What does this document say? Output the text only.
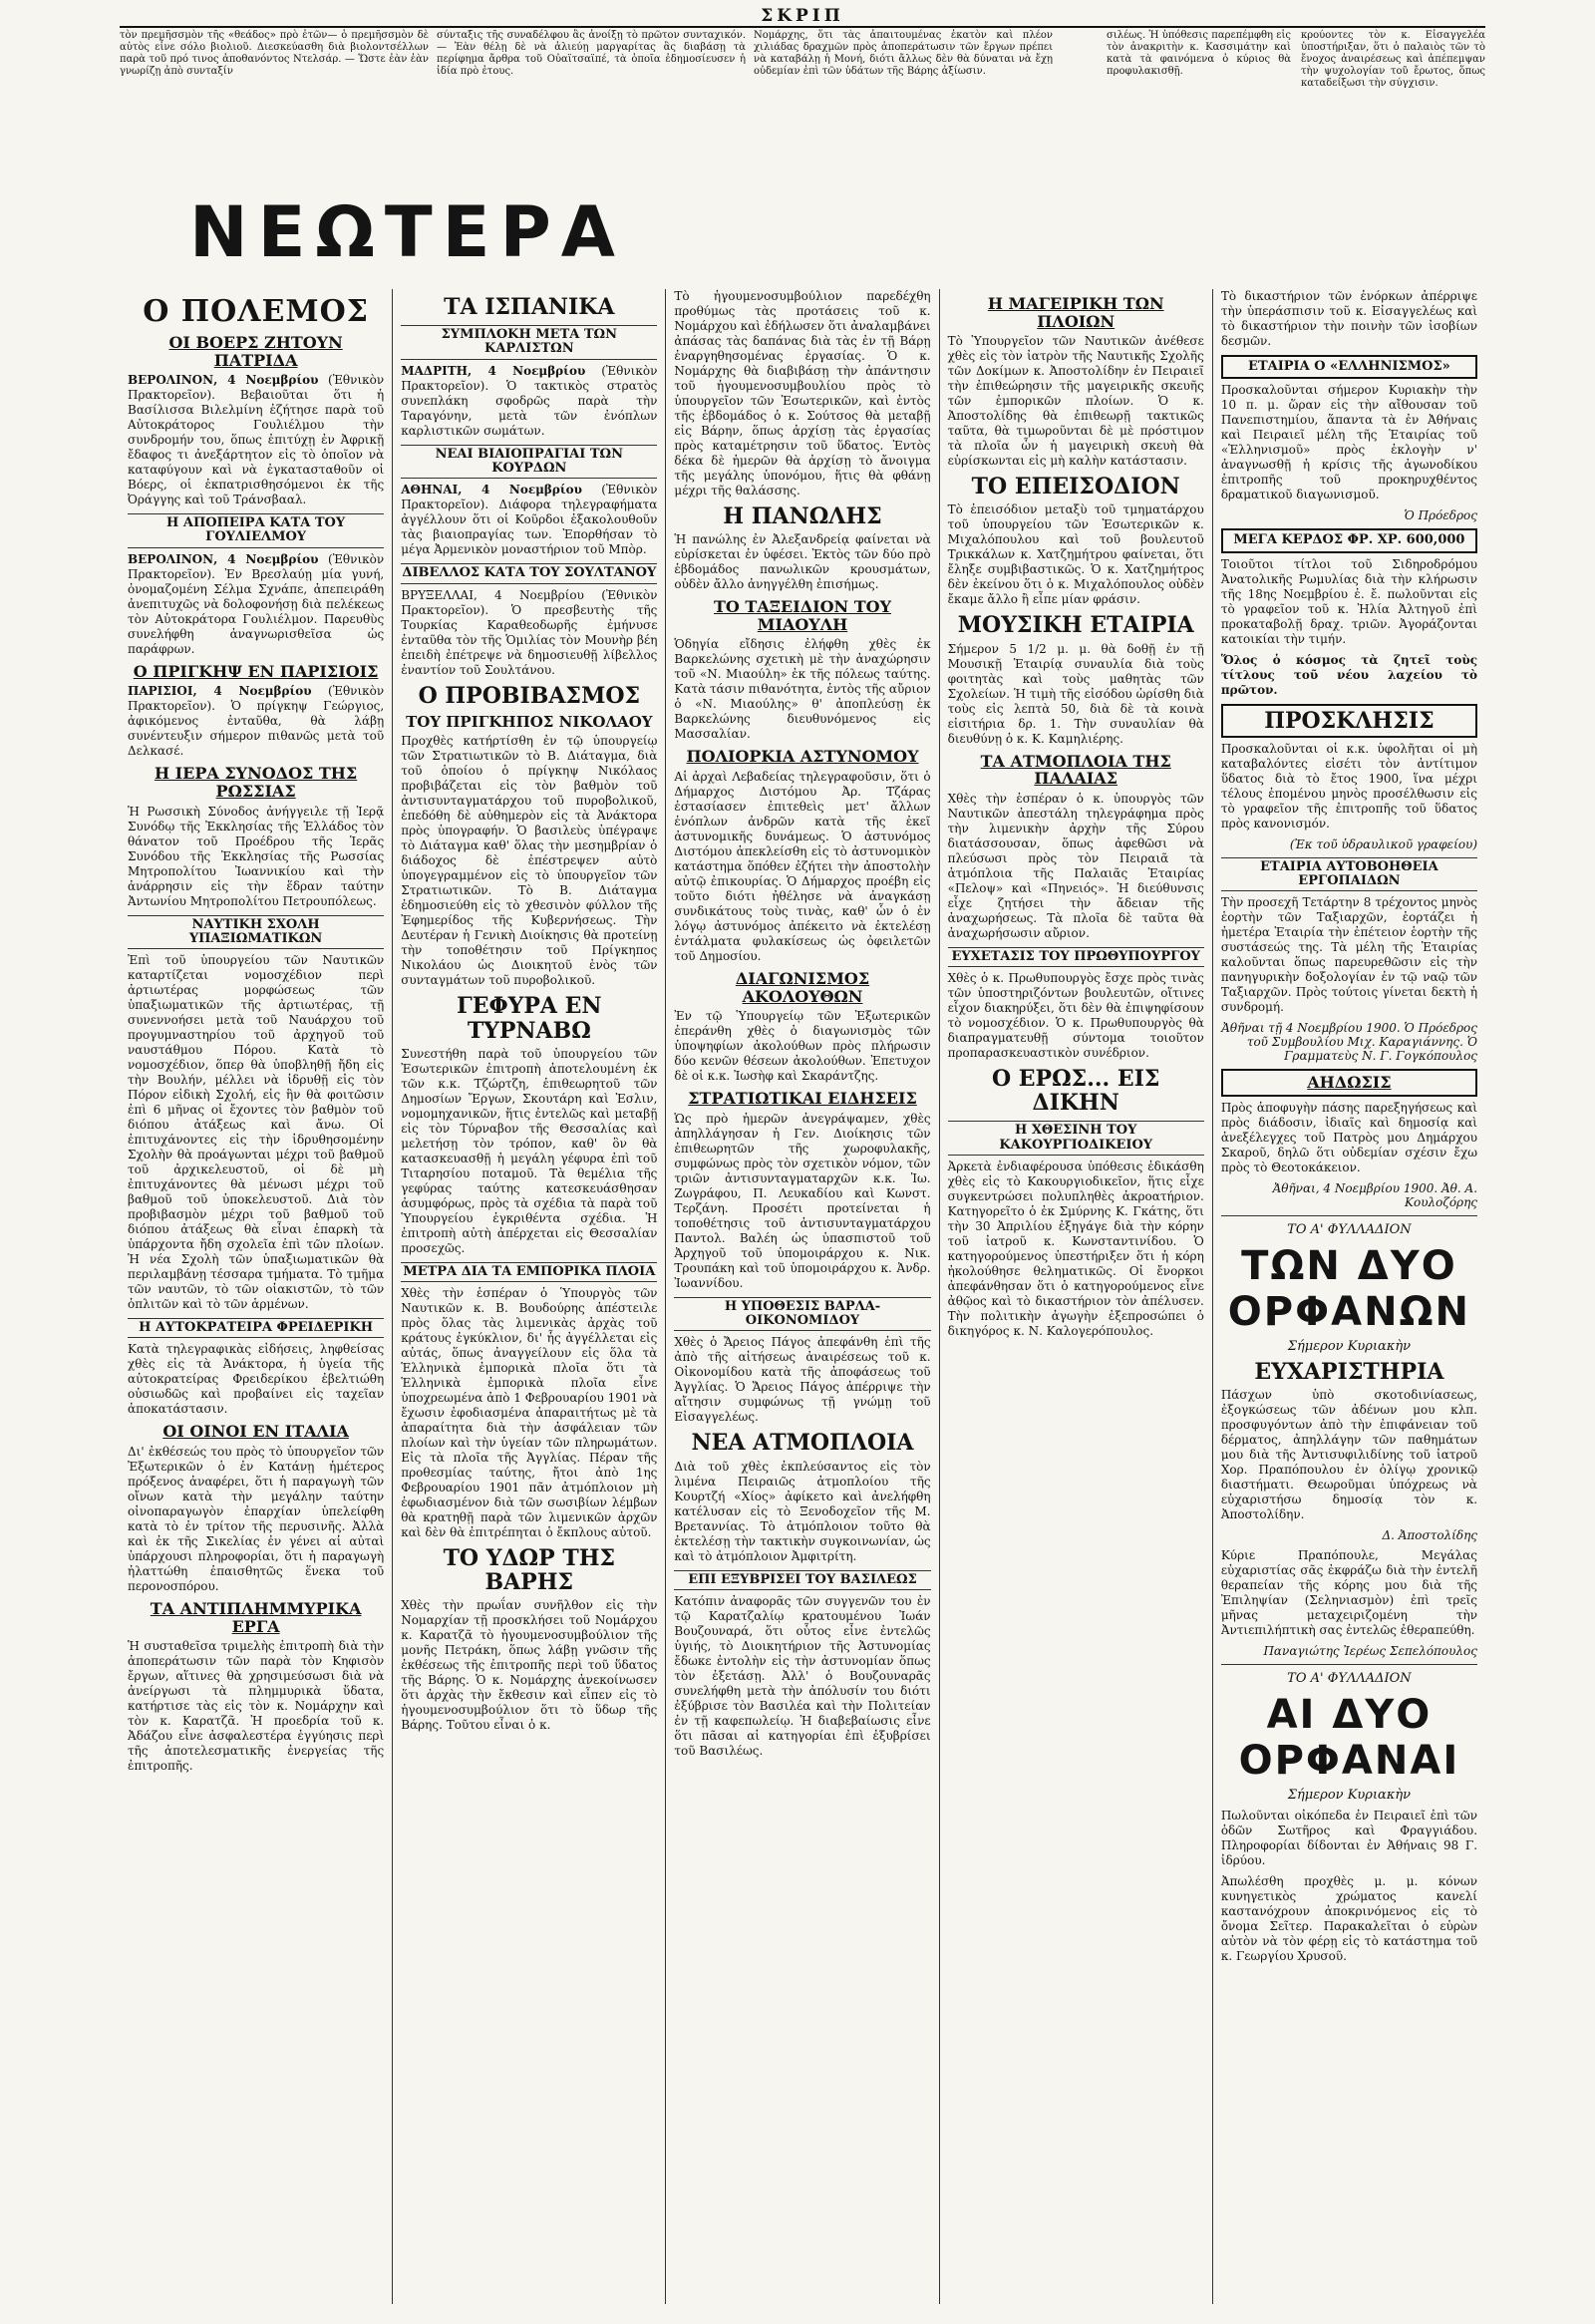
ΣΚΡΙΠ
τὸν πρεμῆσσμὸν τῆς «θεάδος» πρὸ ἐτῶν— ὁ πρεμῆσσμὸν δὲ αὐτὸς εἶνε σόλο βιολιοῦ. Διεσκεύασθη διὰ βιολοντσέλλων παρὰ τοῦ πρό τινος ἀποθανόντος Ντελσάρ. — Ὥστε ἐὰν ἐὰν γνωρίζῃ ἀπὸ συνταξίν
σύνταξις τῆς συναδέλφου ἂς ἀνοίξῃ τὸ πρῶτον συνταχικόν. — Ἐὰν θέλῃ δὲ νὰ ἀλιεύῃ μαργαρίτας ἂς διαβάσῃ τὰ περίφημα ἄρθρα τοῦ Οὐαϊτσαϊπέ, τὰ ὁποῖα ἐδημοσίευσεν ἡ ἰδία πρὸ ἐτους.
Νομάρχης, ὅτι τὰς ἀπαιτουμένας ἑκατὸν καὶ πλέον χιλιάδας δραχμῶν πρὸς ἀποπεράτωσιν τῶν ἔργων πρέπει νὰ καταβάλῃ ἡ Μονή, διότι ἄλλως δὲν θὰ δύναται νὰ ἔχῃ οὐδεμίαν ἐπὶ τῶν ὑδάτων τῆς Βάρης ἀξίωσιν.
σιλέως. Ἡ ὑπόθεσις παρεπέμφθη εἰς τὸν ἀνακριτὴν κ. Κασσιμάτην καὶ κατὰ τὰ φαινόμενα ὁ κύριος θὰ προφυλακισθῇ.
κρούοντες τὸν κ. Εἰσαγγελέα ὑποστήριξαν, ὅτι ὁ παλαιὸς τῶν τὸ ἔνοχος ἀναιρέσεως καὶ ἀπέπεμψαν τὴν ψυχολογίαν τοῦ ἔρωτος, ὅπως καταδείξωσι τὴν σύγχισιν.
ΝΕΩΤΕΡΑ
Ο ΠΟΛΕΜΟΣ
ΟΙ ΒΟΕΡΣ ΖΗΤΟΥΝ ΠΑΤΡΙΔΑ

ΒΕΡΟΛΙΝΟΝ, 4 Νοεμβρίου (Ἐθνικὸν Πρακτορεῖον). Βεβαιοῦται ὅτι ἡ Βασίλισσα Βιλελμίνη ἐζήτησε παρὰ τοῦ Αὐτοκράτορος Γουλιέλμου τὴν συνδρομήν του, ὅπως ἐπιτύχῃ ἐν Ἀφρικῇ ἔδαφος τι ἀνεξάρτητον εἰς τὸ ὁποῖον νὰ καταφύγουν καὶ νὰ ἐγκατασταθοῦν οἱ Βόερς, οἱ ἐκπατρισθησόμενοι ἐκ τῆς Ὀράγγης καὶ τοῦ Τράνσβααλ.

Η ΑΠΟΠΕΙΡΑ ΚΑΤΑ ΤΟΥ ΓΟΥΛΙΕΛΜΟΥ

ΒΕΡΟΛΙΝΟΝ, 4 Νοεμβρίου (Ἐθνικὸν Πρακτορεῖον). Ἐν Βρεσλαύῃ μία γυνή, ὀνομαζομένη Σέλμα Σχνάπε, ἀπεπειράθη ἀνεπιτυχῶς νὰ δολοφονήσῃ διὰ πελέκεως τὸν Αὐτοκράτορα Γουλιέλμον. Παρευθὺς συνελήφθη ἀναγνωρισθεῖσα ὡς παράφρων.

Ο ΠΡΙΓΚΗΨ ΕΝ ΠΑΡΙΣΙΟΙΣ

ΠΑΡΙΣΙΟΙ, 4 Νοεμβρίου (Ἐθνικὸν Πρακτορεῖον). Ὁ πρίγκηψ Γεώργιος, ἀφικόμενος ἐνταῦθα, θὰ λάβῃ συνέντευξιν σήμερον πιθανῶς μετὰ τοῦ Δελκασέ.

Η ΙΕΡΑ ΣΥΝΟΔΟΣ ΤΗΣ ΡΩΣΣΙΑΣ

Ἡ Ρωσσικὴ Σύνοδος ἀνήγγειλε τῇ Ἱερᾷ Συνόδῳ τῆς Ἐκκλησίας τῆς Ἑλλάδος τὸν θάνατον τοῦ Προέδρου τῆς Ἱερᾶς Συνόδου τῆς Ἐκκλησίας τῆς Ρωσσίας Μητροπολίτου Ἰωαννικίου καὶ τὴν ἀνάρρησιν εἰς τὴν ἕδραν ταύτην Ἀντωνίου Μητροπολίτου Πετρουπόλεως.

ΝΑΥΤΙΚΗ ΣΧΟΛΗ ΥΠΑΞΙΩΜΑΤΙΚΩΝ

Ἐπὶ τοῦ ὑπουργείου τῶν Ναυτικῶν καταρτίζεται νομοσχέδιον περὶ ἀρτιωτέρας μορφώσεως τῶν ὑπαξιωματικῶν τῆς ἀρτιωτέρας, τῇ συνεννοήσει μετὰ τοῦ Ναυάρχου τοῦ προγυμναστηρίου τοῦ ἀρχηγοῦ τοῦ ναυστάθμου Πόρου. Κατὰ τὸ νομοσχέδιον, ὅπερ θὰ ὑποβληθῇ ἤδη εἰς τὴν Βουλήν, μέλλει νὰ ἱδρυθῇ εἰς τὸν Πόρον εἰδικὴ Σχολή, εἰς ἣν θὰ φοιτῶσιν ἐπὶ 6 μῆνας οἱ ἔχοντες τὸν βαθμὸν τοῦ διόπου ἀτάξεως καὶ ἄνω. Οἱ ἐπιτυχάνοντες εἰς τὴν ἱδρυθησομένην Σχολὴν θὰ προάγωνται μέχρι τοῦ βαθμοῦ τοῦ ἀρχικελευστοῦ, οἱ δὲ μὴ ἐπιτυχάνοντες θὰ μένωσι μέχρι τοῦ βαθμοῦ τοῦ ὑποκελευστοῦ. Διὰ τὸν προβιβασμὸν μέχρι τοῦ βαθμοῦ τοῦ διόπου ἀτάξεως θὰ εἶναι ἐπαρκὴ τὰ ὑπάρχοντα ἤδη σχολεῖα ἐπὶ τῶν πλοίων. Ἡ νέα Σχολὴ τῶν ὑπαξιωματικῶν θὰ περιλαμβάνῃ τέσσαρα τμήματα. Τὸ τμῆμα τῶν ναυτῶν, τὸ τῶν οἰακιστῶν, τὸ τῶν ὁπλιτῶν καὶ τὸ τῶν ἁρμένων.

Η ΑΥΤΟΚΡΑΤΕΙΡΑ ΦΡΕΙΔΕΡΙΚΗ

Κατὰ τηλεγραφικὰς εἰδήσεις, ληφθείσας χθὲς εἰς τὰ Ἀνάκτορα, ἡ ὑγεία τῆς αὐτοκρατείρας Φρειδερίκου ἐβελτιώθη οὐσιωδῶς καὶ προβαίνει εἰς ταχεῖαν ἀποκατάστασιν.

ΟΙ ΟΙΝΟΙ ΕΝ ΙΤΑΛΙΑ

Δι' ἐκθέσεώς του πρὸς τὸ ὑπουργεῖον τῶν Ἐξωτερικῶν ὁ ἐν Κατάνῃ ἡμέτερος πρόξενος ἀναφέρει, ὅτι ἡ παραγωγὴ τῶν οἴνων κατὰ τὴν μεγάλην ταύτην οἰνοπαραγωγὸν ἐπαρχίαν ὑπελείφθη κατὰ τὸ ἐν τρίτον τῆς περυσινῆς. Ἀλλὰ καὶ ἐκ τῆς Σικελίας ἐν γένει αἱ αὐταὶ ὑπάρχουσι πληροφορίαι, ὅτι ἡ παραγωγὴ ἠλαττώθη ἐπαισθητῶς ἕνεκα τοῦ περονοσπόρου.

ΤΑ ΑΝΤΙΠΛΗΜΜΥΡΙΚΑ ΕΡΓΑ

Ἡ συσταθεῖσα τριμελὴς ἐπιτροπὴ διὰ τὴν ἀποπεράτωσιν τῶν παρὰ τὸν Κηφισὸν ἔργων, αἵτινες θὰ χρησιμεύσωσι διὰ νὰ ἀνείργωσι τὰ πλημμυρικὰ ὕδατα, κατήρτισε τὰς εἰς τὸν κ. Νομάρχην καὶ τὸν κ. Καρατζᾶ. Ἡ προεδρία τοῦ κ. Ἀδάζου εἶνε ἀσφαλεστέρα ἐγγύησις περὶ τῆς ἀποτελεσματικῆς ἐνεργείας τῆς ἐπιτροπῆς.

ΤΑ ΙΣΠΑΝΙΚΑ
ΣΥΜΠΛΟΚΗ ΜΕΤΑ ΤΩΝ ΚΑΡΛΙΣΤΩΝ

ΜΑΔΡΙΤΗ, 4 Νοεμβρίου (Ἐθνικὸν Πρακτορεῖον). Ὁ τακτικὸς στρατὸς συνεπλάκη σφοδρῶς παρὰ τὴν Ταραγόνην, μετὰ τῶν ἐνόπλων καρλιστικῶν σωμάτων.

ΝΕΑΙ ΒΙΑΙΟΠΡΑΓΙΑΙ ΤΩΝ ΚΟΥΡΔΩΝ

ΑΘΗΝΑΙ, 4 Νοεμβρίου (Ἐθνικὸν Πρακτορεῖον). Διάφορα τηλεγραφήματα ἀγγέλλουν ὅτι οἱ Κοῦρδοι ἐξακολουθοῦν τὰς βιαιοπραγίας των. Ἐπορθήσαν τὸ μέγα Ἀρμενικὸν μοναστήριον τοῦ Μπὸρ.

ΔΙΒΕΛΛΟΣ ΚΑΤΑ ΤΟΥ ΣΟΥΛΤΑΝΟΥ

ΒΡΥΞΕΛΛΑΙ, 4 Νοεμβρίου (Ἐθνικὸν Πρακτορεῖον). Ὁ πρεσβευτὴς τῆς Τουρκίας Καραθεοδωρῆς ἐμήνυσε ἐνταῦθα τὸν τῆς Ὁμιλίας τὸν Μουνὴρ βέη ἐπειδὴ ἐπέτρεψε νὰ δημοσιευθῇ λίβελλος ἐναντίον τοῦ Σουλτάνου.

Ο ΠΡΟΒΙΒΑΣΜΟΣ
ΤΟΥ ΠΡΙΓΚΗΠΟΣ ΝΙΚΟΛΑΟΥ

Προχθὲς κατήρτίσθη ἐν τῷ ὑπουργείῳ τῶν Στρατιωτικῶν τὸ Β. Διάταγμα, διὰ τοῦ ὁποίου ὁ πρίγκηψ Νικόλαος προβιβάζεται εἰς τὸν βαθμὸν τοῦ ἀντισυνταγματάρχου τοῦ πυροβολικοῦ, ἐπεδόθη δὲ αὐθημερὸν εἰς τὰ Ἀνάκτορα πρὸς ὑπογραφήν. Ὁ βασιλεὺς ὑπέγραψε τὸ Διάταγμα καθ' ὅλας τὴν μεσημβρίαν ὁ διάδοχος δὲ ἐπέστρεψεν αὐτὸ ὑπογεγραμμένον εἰς τὸ ὑπουργεῖον τῶν Στρατιωτικῶν. Τὸ Β. Διάταγμα ἐδημοσιεύθη εἰς τὸ χθεσινὸν φύλλον τῆς Ἐφημερίδος τῆς Κυβερνήσεως. Τὴν Δευτέραν ἡ Γενικὴ Διοίκησις θὰ προτείνῃ τὴν τοποθέτησιν τοῦ Πρίγκηπος Νικολάου ὡς Διοικητοῦ ἑνὸς τῶν συνταγμάτων τοῦ πυροβολικοῦ.

ΓΕΦΥΡΑ ΕΝ ΤΥΡΝΑΒΩ

Συνεστήθη παρὰ τοῦ ὑπουργείου τῶν Ἐσωτερικῶν ἐπιτροπὴ ἀποτελουμένη ἐκ τῶν κ.κ. Τζώρτζη, ἐπιθεωρητοῦ τῶν Δημοσίων Ἔργων, Σκουτάρη καὶ Ἐσλιν, νομομηχανικῶν, ἥτις ἐντελῶς καὶ μεταβῇ εἰς τὸν Τύρναβον τῆς Θεσσαλίας καὶ μελετήσῃ τὸν τρόπον, καθ' ὃν θὰ κατασκευασθῇ ἡ μεγάλη γέφυρα ἐπὶ τοῦ Τιταρησίου ποταμοῦ. Τὰ θεμέλια τῆς γεφύρας ταύτης κατεσκευάσθησαν ἀσυμφόρως, πρὸς τὰ σχέδια τὰ παρὰ τοῦ Ὑπουργείου ἐγκριθέντα σχέδια. Ἡ ἐπιτροπὴ αὐτὴ ἀπέρχεται εἰς Θεσσαλίαν προσεχῶς.

ΜΕΤΡΑ ΔΙΑ ΤΑ ΕΜΠΟΡΙΚΑ ΠΛΟΙΑ

Χθὲς τὴν ἑσπέραν ὁ Ὑπουργὸς τῶν Ναυτικῶν κ. Β. Βουδούρης ἀπέστειλε πρὸς ὅλας τὰς λιμενικὰς ἀρχὰς τοῦ κράτους ἐγκύκλιον, δι' ἧς ἀγγέλλεται εἰς αὐτάς, ὅπως ἀναγγείλουν εἰς ὅλα τὰ Ἑλληνικὰ ἐμπορικὰ πλοῖα ὅτι τὰ Ἑλληνικὰ ἐμπορικὰ πλοῖα εἶνε ὑποχρεωμένα ἀπὸ 1 Φεβρουαρίου 1901 νὰ ἔχωσιν ἐφοδιασμένα ἀπαραιτήτως μὲ τὰ ἀπαραίτητα διὰ τὴν ἀσφάλειαν τῶν πλοίων καὶ τὴν ὑγείαν τῶν πληρωμάτων. Εἰς τὰ πλοῖα τῆς Ἀγγλίας. Πέραν τῆς προθεσμίας ταύτης, ἤτοι ἀπὸ 1ης Φεβρουαρίου 1901 πᾶν ἀτμόπλοιον μὴ ἐφωδιασμένον διὰ τῶν σωσιβίων λέμβων θὰ κρατηθῇ παρὰ τῶν λιμενικῶν ἀρχῶν καὶ δὲν θὰ ἐπιτρέπηται ὁ ἔκπλους αὐτοῦ.

ΤΟ ΥΔΩΡ ΤΗΣ ΒΑΡΗΣ

Χθὲς τὴν πρωΐαν συνῆλθον εἰς τὴν Νομαρχίαν τῇ προσκλήσει τοῦ Νομάρχου κ. Καρατζᾶ τὸ ἡγουμενοσυμβούλιον τῆς μονῆς Πετράκη, ὅπως λάβῃ γνῶσιν τῆς ἐκθέσεως τῆς ἐπιτροπῆς περὶ τοῦ ὕδατος τῆς Βάρης. Ὁ κ. Νομάρχης ἀνεκοίνωσεν ὅτι ἀρχὰς τὴν ἔκθεσιν καὶ εἶπεν εἰς τὸ ἡγουμενοσυμβούλιον ὅτι τὸ ὕδωρ τῆς Βάρης. Τοῦτου εἶναι ὁ κ.

Τὸ ἡγουμενοσυμβούλιον παρεδέχθη προθύμως τὰς προτάσεις τοῦ κ. Νομάρχου καὶ ἐδήλωσεν ὅτι ἀναλαμβάνει ἀπάσας τὰς δαπάνας διὰ τὰς ἐν τῇ Βάρῃ ἐναργηθησομένας ἐργασίας. Ὁ κ. Νομάρχης θὰ διαβιβάσῃ τὴν ἀπάντησιν τοῦ ἡγουμενοσυμβουλίου πρὸς τὸ ὑπουργεῖον τῶν Ἐσωτερικῶν, καὶ ἐντὸς τῆς ἑβδομάδος ὁ κ. Σούτσος θὰ μεταβῇ εἰς Βάρην, ὅπως ἀρχίσῃ τὰς ἐργασίας πρὸς καταμέτρησιν τοῦ ὕδατος. Ἐντὸς δέκα δὲ ἡμερῶν θὰ ἀρχίσῃ τὸ ἄνοιγμα τῆς μεγάλης ὑπονόμου, ἥτις θὰ φθάνῃ μέχρι τῆς θαλάσσης.

Η ΠΑΝΩΛΗΣ

Ἡ πανώλης ἐν Ἀλεξανδρείᾳ φαίνεται νὰ εὑρίσκεται ἐν ὑφέσει. Ἐκτὸς τῶν δύο πρὸ ἑβδομάδος πανωλικῶν κρουσμάτων, οὐδὲν ἄλλο ἀνηγγέλθη ἐπισήμως.

ΤΟ ΤΑΞΕΙΔΙΟΝ ΤΟΥ ΜΙΑΟΥΛΗ

Ὁδηγία εἴδησις ἐλήφθη χθὲς ἐκ Βαρκελώνης σχετικὴ μὲ τὴν ἀναχώρησιν τοῦ «Ν. Μιαούλη» ἐκ τῆς πόλεως ταύτης. Κατὰ τάσιν πιθανότητα, ἐντὸς τῆς αὔριον ὁ «Ν. Μιαούλης» θ' ἀποπλεύσῃ ἐκ Βαρκελώνης διευθυνόμενος εἰς Μασσαλίαν.

ΠΟΛΙΟΡΚΙΑ ΑΣΤΥΝΟΜΟΥ

Αἱ ἀρχαὶ Λεβαδείας τηλεγραφοῦσιν, ὅτι ὁ Δήμαρχος Διστόμου Ἀρ. Τζάρας ἐστασίασεν ἐπιτεθεὶς μετ' ἄλλων ἐνόπλων ἀνδρῶν κατὰ τῆς ἐκεῖ ἀστυνομικῆς δυνάμεως. Ὁ ἀστυνόμος Διστόμου ἀπεκλείσθη εἰς τὸ ἀστυνομικὸν κατάστημα ὅπόθεν ἐζήτει τὴν ἀποστολὴν αὐτῷ ἐπικουρίας. Ὁ Δήμαρχος προέβη εἰς τοῦτο διότι ἠθέλησε νὰ ἀναγκάσῃ συνδικάτους τοὺς τινὰς, καθ' ὧν ὁ ἐν λόγῳ ἀστυνόμος ἀπέκειτο νὰ ἐκτελέσῃ ἐντάλματα φυλακίσεως ὡς ὀφειλετῶν τοῦ Δημοσίου.

ΔΙΑΓΩΝΙΣΜΟΣ ΑΚΟΛΟΥΘΩΝ

Ἐν τῷ Ὑπουργείῳ τῶν Ἐξωτερικῶν ἐπεράνθη χθὲς ὁ διαγωνισμὸς τῶν ὑποψηφίων ἀκολούθων πρὸς πλήρωσιν δύο κενῶν θέσεων ἀκολούθων. Ἐπετυχον δὲ οἱ κ.κ. Ἰωσὴφ καὶ Σκαράντζης.

ΣΤΡΑΤΙΩΤΙΚΑΙ ΕΙΔΗΣΕΙΣ

Ὡς πρὸ ἡμερῶν ἀνεγράψαμεν, χθὲς ἀπηλλάγησαν ἡ Γεν. Διοίκησις τῶν ἐπιθεωρητῶν τῆς χωροφυλακῆς, συμφώνως πρὸς τὸν σχετικὸν νόμον, τῶν τριῶν ἀντισυνταγματαρχῶν κ.κ. Ἰω. Ζωγράφου, Π. Λευκαδίου καὶ Κωνστ. Τερζάνη. Προσέτι προτείνεται ἡ τοποθέτησις τοῦ ἀντισυνταγματάρχου Παντολ. Βαλέη ὡς ὑπασπιστοῦ τοῦ Ἀρχηγοῦ τοῦ ὑπομοιράρχου κ. Νικ. Τρουπάκη καὶ τοῦ ὑπομοιράρχου κ. Ἀνδρ. Ἰωαννίδου.

Η ΥΠΟΘΕΣΙΣ ΒΑΡΛΑ-ΟΙΚΟΝΟΜΙΔΟΥ

Χθὲς ὁ Ἄρειος Πάγος ἀπεφάνθη ἐπὶ τῆς ἀπὸ τῆς αἰτήσεως ἀναιρέσεως τοῦ κ. Οἰκονομίδου κατὰ τῆς ἀποφάσεως τοῦ Ἀγγλίας. Ὁ Ἄρειος Πάγος ἀπέρριψε τὴν αἴτησιν συμφώνως τῇ γνώμῃ τοῦ Εἰσαγγελέως.

ΝΕΑ ΑΤΜΟΠΛΟΙΑ

Διὰ τοῦ χθὲς ἐκπλεύσαντος εἰς τὸν λιμένα Πειραιῶς ἀτμοπλοίου τῆς Κουρτζή «Χίος» ἀφίκετο καὶ ἀνελήφθη κατέλυσαν εἰς τὸ Ξενοδοχεῖον τῆς Μ. Βρεταννίας. Τὸ ἀτμόπλοιον τοῦτο θὰ ἐκτελέσῃ τὴν τακτικὴν συγκοινωνίαν, ὡς καὶ τὸ ἀτμόπλοιον Ἀμφιτρίτη.

ΕΠΙ ΕΞΥΒΡΙΣΕΙ ΤΟΥ ΒΑΣΙΛΕΩΣ

Κατόπιν ἀναφορᾶς τῶν συγγενῶν του ἐν τῷ Καρατζαλίῳ κρατουμένου Ἰωάν Βουζουναρά, ὅτι οὗτος εἶνε ἐντελῶς ὑγιής, τὸ Διοικητήριον τῆς Ἀστυνομίας ἔδωκε ἐντολὴν εἰς τὴν ἀστυνομίαν ὅπως τὸν ἐξετάσῃ. Ἀλλ' ὁ Βουζουναρᾶς συνελήφθη μετὰ τὴν ἀπόλυσίν του διότι ἐξύβρισε τὸν Βασιλέα καὶ τὴν Πολιτείαν ἐν τῇ καφεπωλείῳ. Ἡ διαβεβαίωσις εἶνε ὅτι πᾶσαι αἱ κατηγορίαι ἐπὶ ἐξυβρίσει τοῦ Βασιλέως.

Η ΜΑΓΕΙΡΙΚΗ ΤΩΝ ΠΛΟΙΩΝ

Τὸ Ὑπουργεῖον τῶν Ναυτικῶν ἀνέθεσε χθὲς εἰς τὸν ἰατρὸν τῆς Ναυτικῆς Σχολῆς τῶν Δοκίμων κ. Ἀποστολίδην ἐν Πειραιεῖ τὴν ἐπιθεώρησιν τῆς μαγειρικῆς σκευῆς τῶν ἐμπορικῶν πλοίων. Ὁ κ. Ἀποστολίδης θὰ ἐπιθεωρῇ τακτικῶς ταῦτα, θὰ τιμωροῦνται δὲ μὲ πρόστιμον τὰ πλοῖα ὧν ἡ μαγειρικὴ σκευὴ θὰ εὑρίσκωνται εἰς μὴ καλὴν κατάστασιν.

ΤΟ ΕΠΕΙΣΟΔΙΟΝ

Τὸ ἐπεισόδιον μεταξὺ τοῦ τμηματάρχου τοῦ ὑπουργείου τῶν Ἐσωτερικῶν κ. Μιχαλόπουλου καὶ τοῦ βουλευτοῦ Τρικκάλων κ. Χατζημήτρου φαίνεται, ὅτι ἔληξε συμβιβαστικῶς. Ὁ κ. Χατζημήτρος δὲν ἐκείνου ὅτι ὁ κ. Μιχαλόπουλος οὐδὲν ἔκαμε ἄλλο ἢ εἶπε μίαν φράσιν.

ΜΟΥΣΙΚΗ ΕΤΑΙΡΙΑ

Σήμερον 5 1/2 μ. μ. θὰ δοθῇ ἐν τῇ Μουσικῇ Ἑταιρίᾳ συναυλία διὰ τοὺς φοιτητὰς καὶ τοὺς μαθητὰς τῶν Σχολείων. Ἡ τιμὴ τῆς εἰσόδου ὡρίσθη διὰ τοὺς εἰς λεπτὰ 50, διὰ δὲ τὰ κοινὰ εἰσιτήρια δρ. 1. Τὴν συναυλίαν θὰ διευθύνῃ ὁ κ. Κ. Καμηλιέρης.

ΤΑ ΑΤΜΟΠΛΟΙΑ ΤΗΣ ΠΑΛΑΙΑΣ

Χθὲς τὴν ἑσπέραν ὁ κ. ὑπουργὸς τῶν Ναυτικῶν ἀπεστάλη τηλεγράφημα πρὸς τὴν λιμενικὴν ἀρχὴν τῆς Σύρου διατάσσουσαν, ὅπως ἀφεθῶσι νὰ πλεύσωσι πρὸς τὸν Πειραιᾶ τὰ ἀτμόπλοια τῆς Παλαιᾶς Ἑταιρίας «Πελοψ» καὶ «Πηνειός». Ἡ διεύθυνσις εἶχε ζητήσει τὴν ἄδειαν τῆς ἀναχωρήσεως. Τὰ πλοῖα δὲ ταῦτα θὰ ἀναχωρήσωσιν αὔριον.

ΕΥΧΕΤΑΣΙΣ ΤΟΥ ΠΡΩΘΥΠΟΥΡΓΟΥ

Χθὲς ὁ κ. Πρωθυπουργὸς ἔσχε πρὸς τινὰς τῶν ὑποστηριζόντων βουλευτῶν, οἵτινες εἶχον διακηρύξει, ὅτι δὲν θὰ ἐπιψηφίσουν τὸ νομοσχέδιον. Ὁ κ. Πρωθυπουργὸς θὰ διαπραγματευθῇ σύντομα τοιοῦτον προπαρασκευαστικὸν συνέδριον.

Ο ΕΡΩΣ... ΕΙΣ ΔΙΚΗΝ
Η ΧΘΕΣΙΝΗ ΤΟΥ ΚΑΚΟΥΡΓΙΟΔΙΚΕΙΟΥ

Ἀρκετὰ ἐνδιαφέρουσα ὑπόθεσις ἐδικάσθη χθὲς εἰς τὸ Κακουργιοδικεῖον, ἥτις εἶχε συγκεντρώσει πολυπληθὲς ἀκροατήριον. Κατηγορεῖτο ὁ ἐκ Σμύρνης Κ. Γκάτης, ὅτι τὴν 30 Ἀπριλίου ἐξηγάγε διὰ τὴν κόρην τοῦ ἰατροῦ κ. Κωνσταντινίδου. Ὁ κατηγορούμενος ὑπεστήριξεν ὅτι ἡ κόρη ἠκολούθησε θεληματικῶς. Οἱ ἔνορκοι ἀπεφάνθησαν ὅτι ὁ κατηγορούμενος εἶνε ἀθῷος καὶ τὸ δικαστήριον τὸν ἀπέλυσεν. Τὴν πολιτικὴν ἀγωγὴν ἐξεπροσώπει ὁ δικηγόρος κ. Ν. Καλογερόπουλος.

Τὸ δικαστήριον τῶν ἐνόρκων ἀπέρριψε τὴν ὑπεράσπισιν τοῦ κ. Εἰσαγγελέως καὶ τὸ δικαστήριον τὴν ποινὴν τῶν ἰσοβίων δεσμῶν.

ΕΤΑΙΡΙΑ Ο «ΕΛΛΗΝΙΣΜΟΣ»

Προσκαλοῦνται σήμερον Κυριακὴν τὴν 10 π. μ. ὥραν εἰς τὴν αἴθουσαν τοῦ Πανεπιστημίου, ἅπαντα τὰ ἐν Ἀθήναις καὶ Πειραιεῖ μέλη τῆς Ἑταιρίας τοῦ «Ἑλληνισμοῦ» πρὸς ἐκλογὴν ν' ἀναγνωσθῇ ἡ κρίσις τῆς ἀγωνοδίκου ἐπιτροπῆς τοῦ προκηρυχθέντος δραματικοῦ διαγωνισμοῦ.

Ὁ Πρόεδρος
ΜΕΓΑ ΚΕΡΔΟΣ ΦΡ. ΧΡ. 600,000

Τοιοῦτοι τίτλοι τοῦ Σιδηροδρόμου Ἀνατολικῆς Ρωμυλίας διὰ τὴν κλήρωσιν τῆς 18ης Νοεμβρίου ἐ. ἔ. πωλοῦνται εἰς τὸ γραφεῖον τοῦ κ. Ἠλία Ἀλτηγοῦ ἐπὶ προκαταβολῇ δραχ. τριῶν. Ἀγοράζονται κατοικίαι τὴν τιμήν.

Ὅλος ὁ κόσμος τὰ ζητεῖ τοὺς τίτλους τοῦ νέου λαχείου τὸ πρῶτον.

ΠΡΟΣΚΛΗΣΙΣ

Προσκαλοῦνται οἱ κ.κ. ὑφολῆται οἱ μὴ καταβαλόντες εἰσέτι τὸν ἀντίτιμον ὕδατος διὰ τὸ ἔτος 1900, ἵνα μέχρι τέλους ἐπομένου μηνὸς προσέλθωσιν εἰς τὸ γραφεῖον τῆς ἐπιτροπῆς τοῦ ὕδατος πρὸς κανονισμόν.

(Ἐκ τοῦ ὑδραυλικοῦ γραφείου)
ΕΤΑΙΡΙΑ ΑΥΤΟΒΟΗΘΕΙΑ ΕΡΓΟΠΑΙΔΩΝ

Τὴν προσεχῆ Τετάρτην 8 τρέχοντος μηνὸς ἑορτὴν τῶν Ταξιαρχῶν, ἑορτάζει ἡ ἡμετέρα Ἑταιρία τὴν ἐπέτειον ἑορτὴν τῆς συστάσεώς της. Τὰ μέλη τῆς Ἑταιρίας καλοῦνται ὅπως παρευρεθῶσιν εἰς τὴν πανηγυρικὴν δοξολογίαν ἐν τῷ ναῷ τῶν Ταξιαρχῶν. Πρὸς τούτοις γίνεται δεκτὴ ἡ συνδρομή.

Ἀθῆναι τῇ 4 Νοεμβρίου 1900. Ὁ Πρόεδρος τοῦ Συμβουλίου Μιχ. Καραγιάννης. Ὁ Γραμματεὺς Ν. Γ. Γογκόπουλος
ΑΗΔΩΣΙΣ

Πρὸς ἀποφυγὴν πάσης παρεξηγήσεως καὶ πρὸς διάδοσιν, ἰδιαῖς καὶ δημοσίᾳ καὶ ἀνεξέλεγχες τοῦ Πατρὸς μου Δημάρχου Σκαροῦ, δηλῶ ὅτι οὐδεμίαν σχέσιν ἔχω πρὸς τὸ Θεοτοκάκειον.

Ἀθῆναι, 4 Νοεμβρίου 1900. Ἀθ. Α. Κουλοζόρης
ΤΟ Α' ΦΥΛΛΑΔΙΟΝ
ΤΩΝ ΔΥΟ ΟΡΦΑΝΩΝ
Σήμερον Κυριακὴν
ΕΥΧΑΡΙΣΤΗΡΙΑ

Πάσχων ὑπὸ σκοτοδινίασεως, ἐξογκώσεως τῶν ἀδένων μου κλπ. προσφυγόντων ἀπὸ τὴν ἐπιφάνειαν τοῦ δέρματος, ἀπηλλάγην τῶν παθημάτων μου διὰ τῆς Ἀντισυφιλιδίνης τοῦ ἰατροῦ Χορ. Πραπόπουλου ἐν ὀλίγῳ χρονικῷ διαστήματι. Θεωροῦμαι ὑπόχρεως νὰ εὐχαριστήσω δημοσίᾳ τὸν κ. Ἀποστολίδην.

Δ. Ἀποστολίδης

Κύριε Πραπόπουλε, Μεγάλας εὐχαριστίας σᾶς ἐκφράζω διὰ τὴν ἐντελῆ θεραπείαν τῆς κόρης μου διὰ τῆς Ἐπιληψίαν (Σεληνιασμὸν) ἐπὶ τρεῖς μῆνας μεταχειριζομένη τὴν Ἀντιεπιλήπτικὴ σας ἐντελῶς ἐθεραπεύθη.

Παναγιώτης Ἰερέως Σεπελόπουλος
ΤΟ Α' ΦΥΛΛΑΔΙΟΝ
ΑΙ ΔΥΟ ΟΡΦΑΝΑΙ
Σήμερον Κυριακὴν

Πωλοῦνται οἰκόπεδα ἐν Πειραιεῖ ἐπὶ τῶν ὁδῶν Σωτῆρος καὶ Φραγγιάδου. Πληροφορίαι δίδονται ἐν Ἀθήναις 98 Γ. ἰδρύου.

Ἀπωλέσθη προχθὲς μ. μ. κόνων κυνηγετικὸς χρώματος κανελί καστανόχρουν ἀποκρινόμενος εἰς τὸ ὄνομα Σεῖτερ. Παρακαλεῖται ὁ εὑρὼν αὐτὸν νὰ τὸν φέρῃ εἰς τὸ κατάστημα τοῦ κ. Γεωργίου Χρυσοῦ.
